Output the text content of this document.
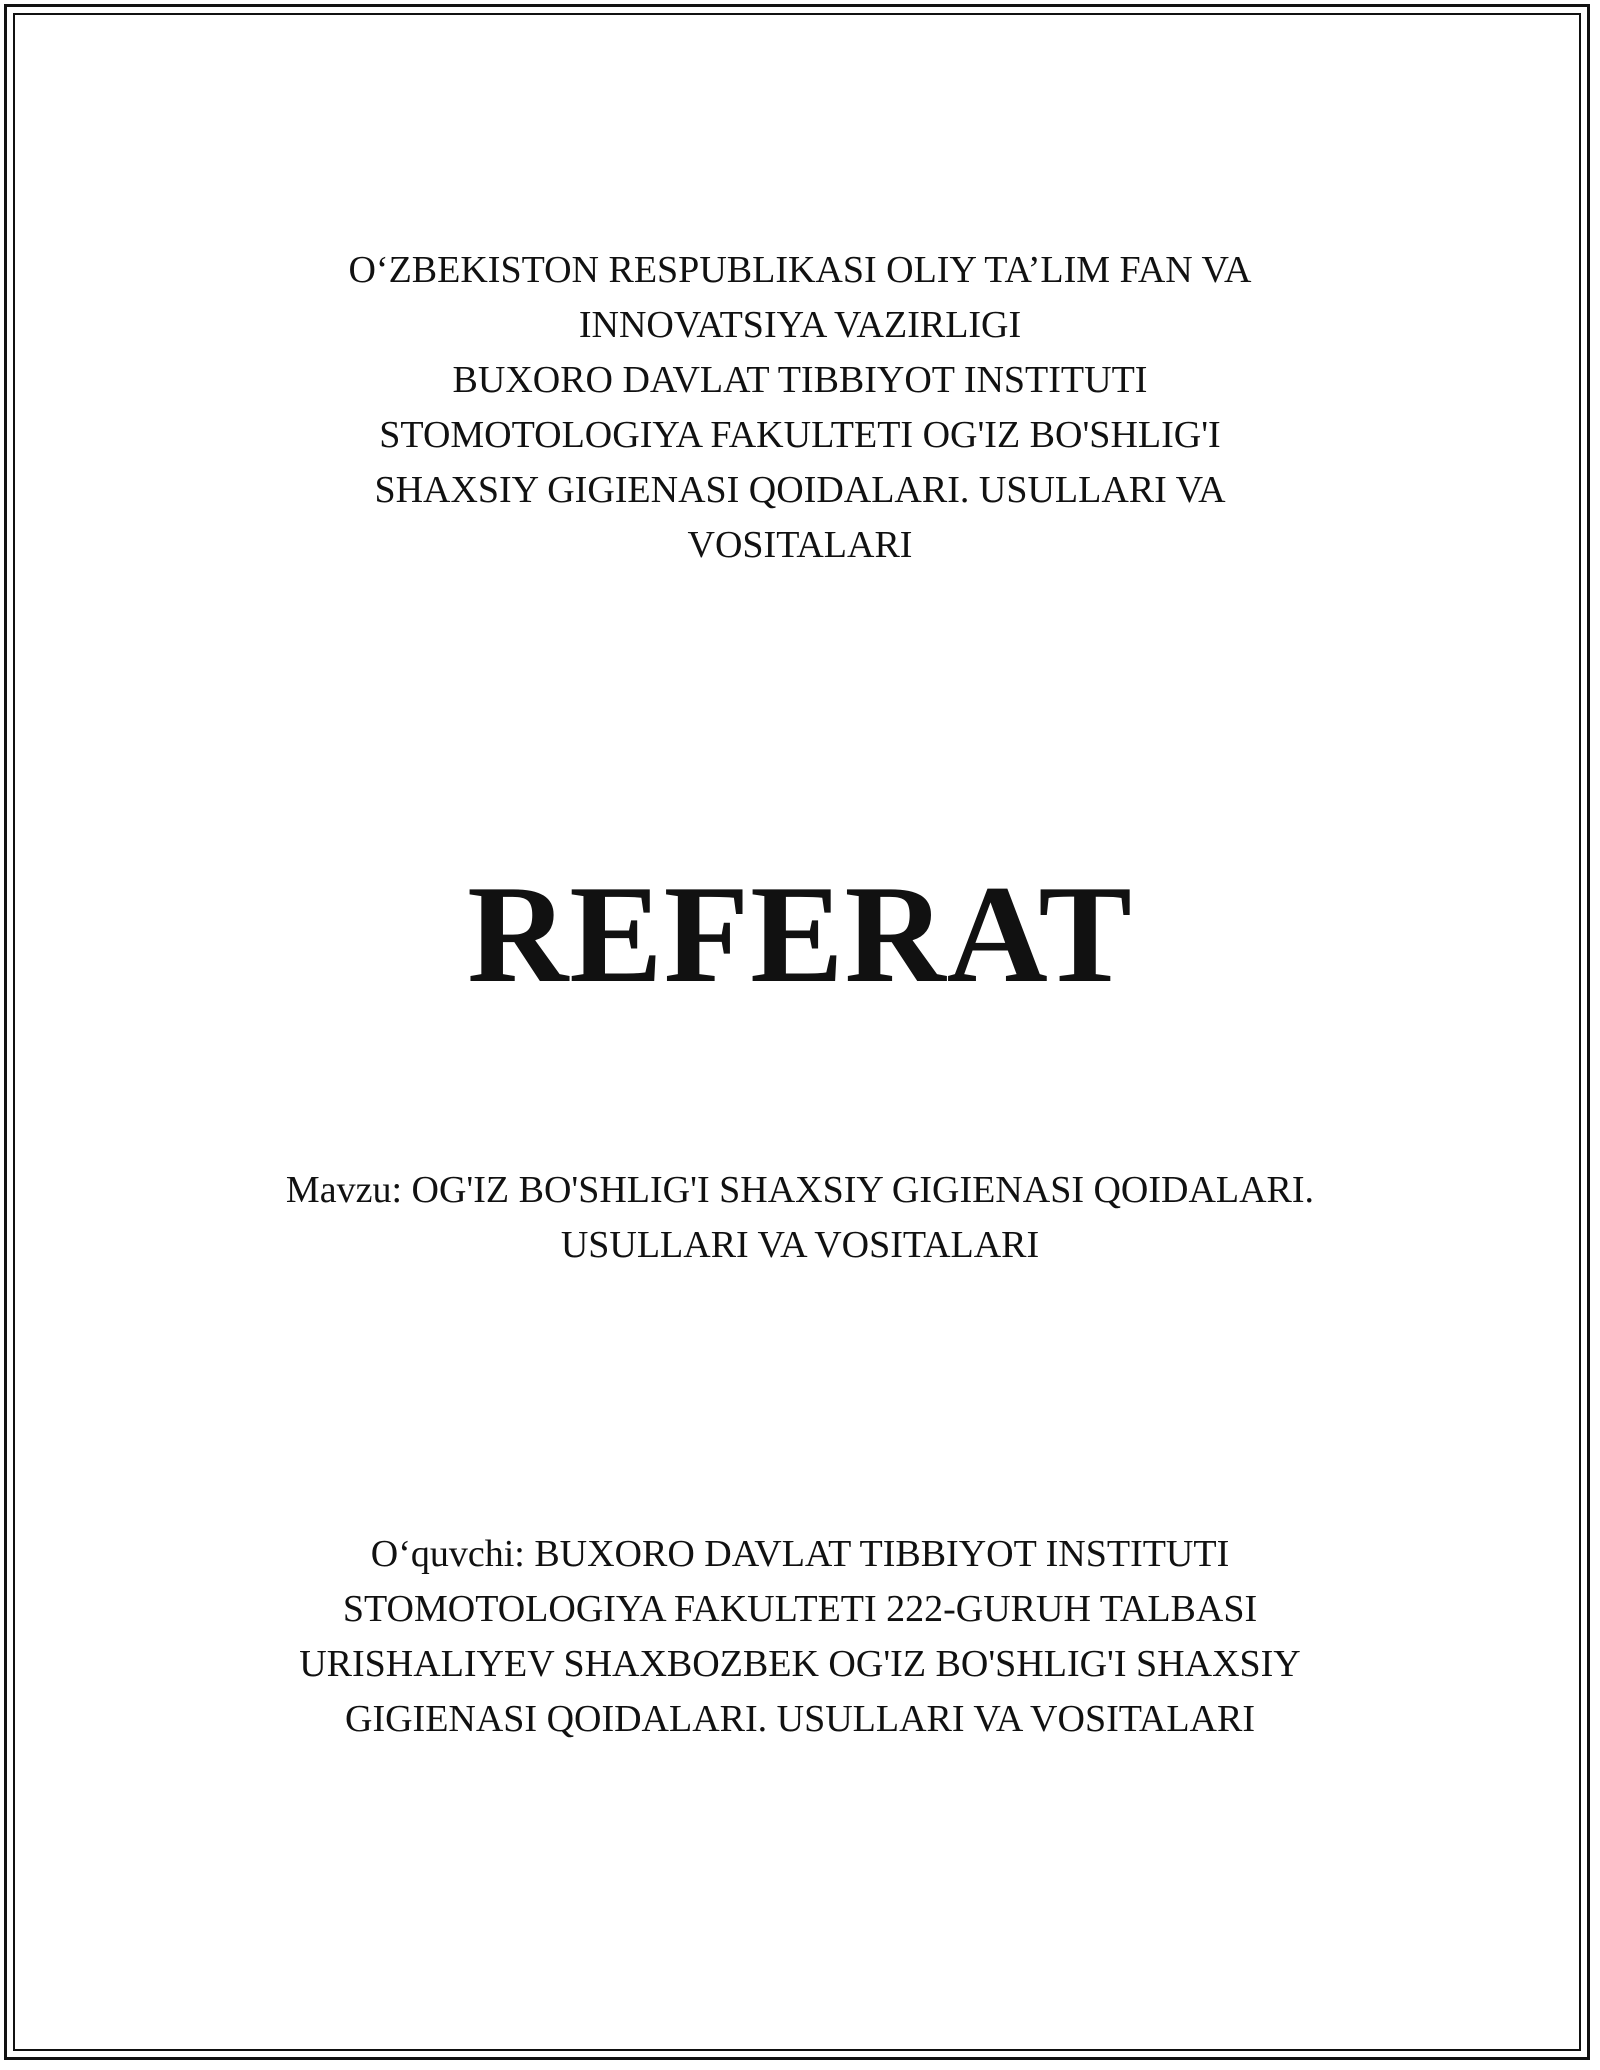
O‘ZBEKISTON RESPUBLIKASI OLIY TA’LIM FAN VA
INNOVATSIYA VAZIRLIGI
BUXORO DAVLAT TIBBIYOT INSTITUTI
STOMOTOLOGIYA FAKULTETI OG'IZ BO'SHLIG'I
SHAXSIY GIGIENASI QOIDALARI. USULLARI VA
VOSITALARI
REFERAT
Mavzu: OG'IZ BO'SHLIG'I SHAXSIY GIGIENASI QOIDALARI.
USULLARI VA VOSITALARI
O‘quvchi: BUXORO DAVLAT TIBBIYOT INSTITUTI
STOMOTOLOGIYA FAKULTETI 222-GURUH TALBASI
URISHALIYEV SHAXBOZBEK OG'IZ BO'SHLIG'I SHAXSIY
GIGIENASI QOIDALARI. USULLARI VA VOSITALARI
